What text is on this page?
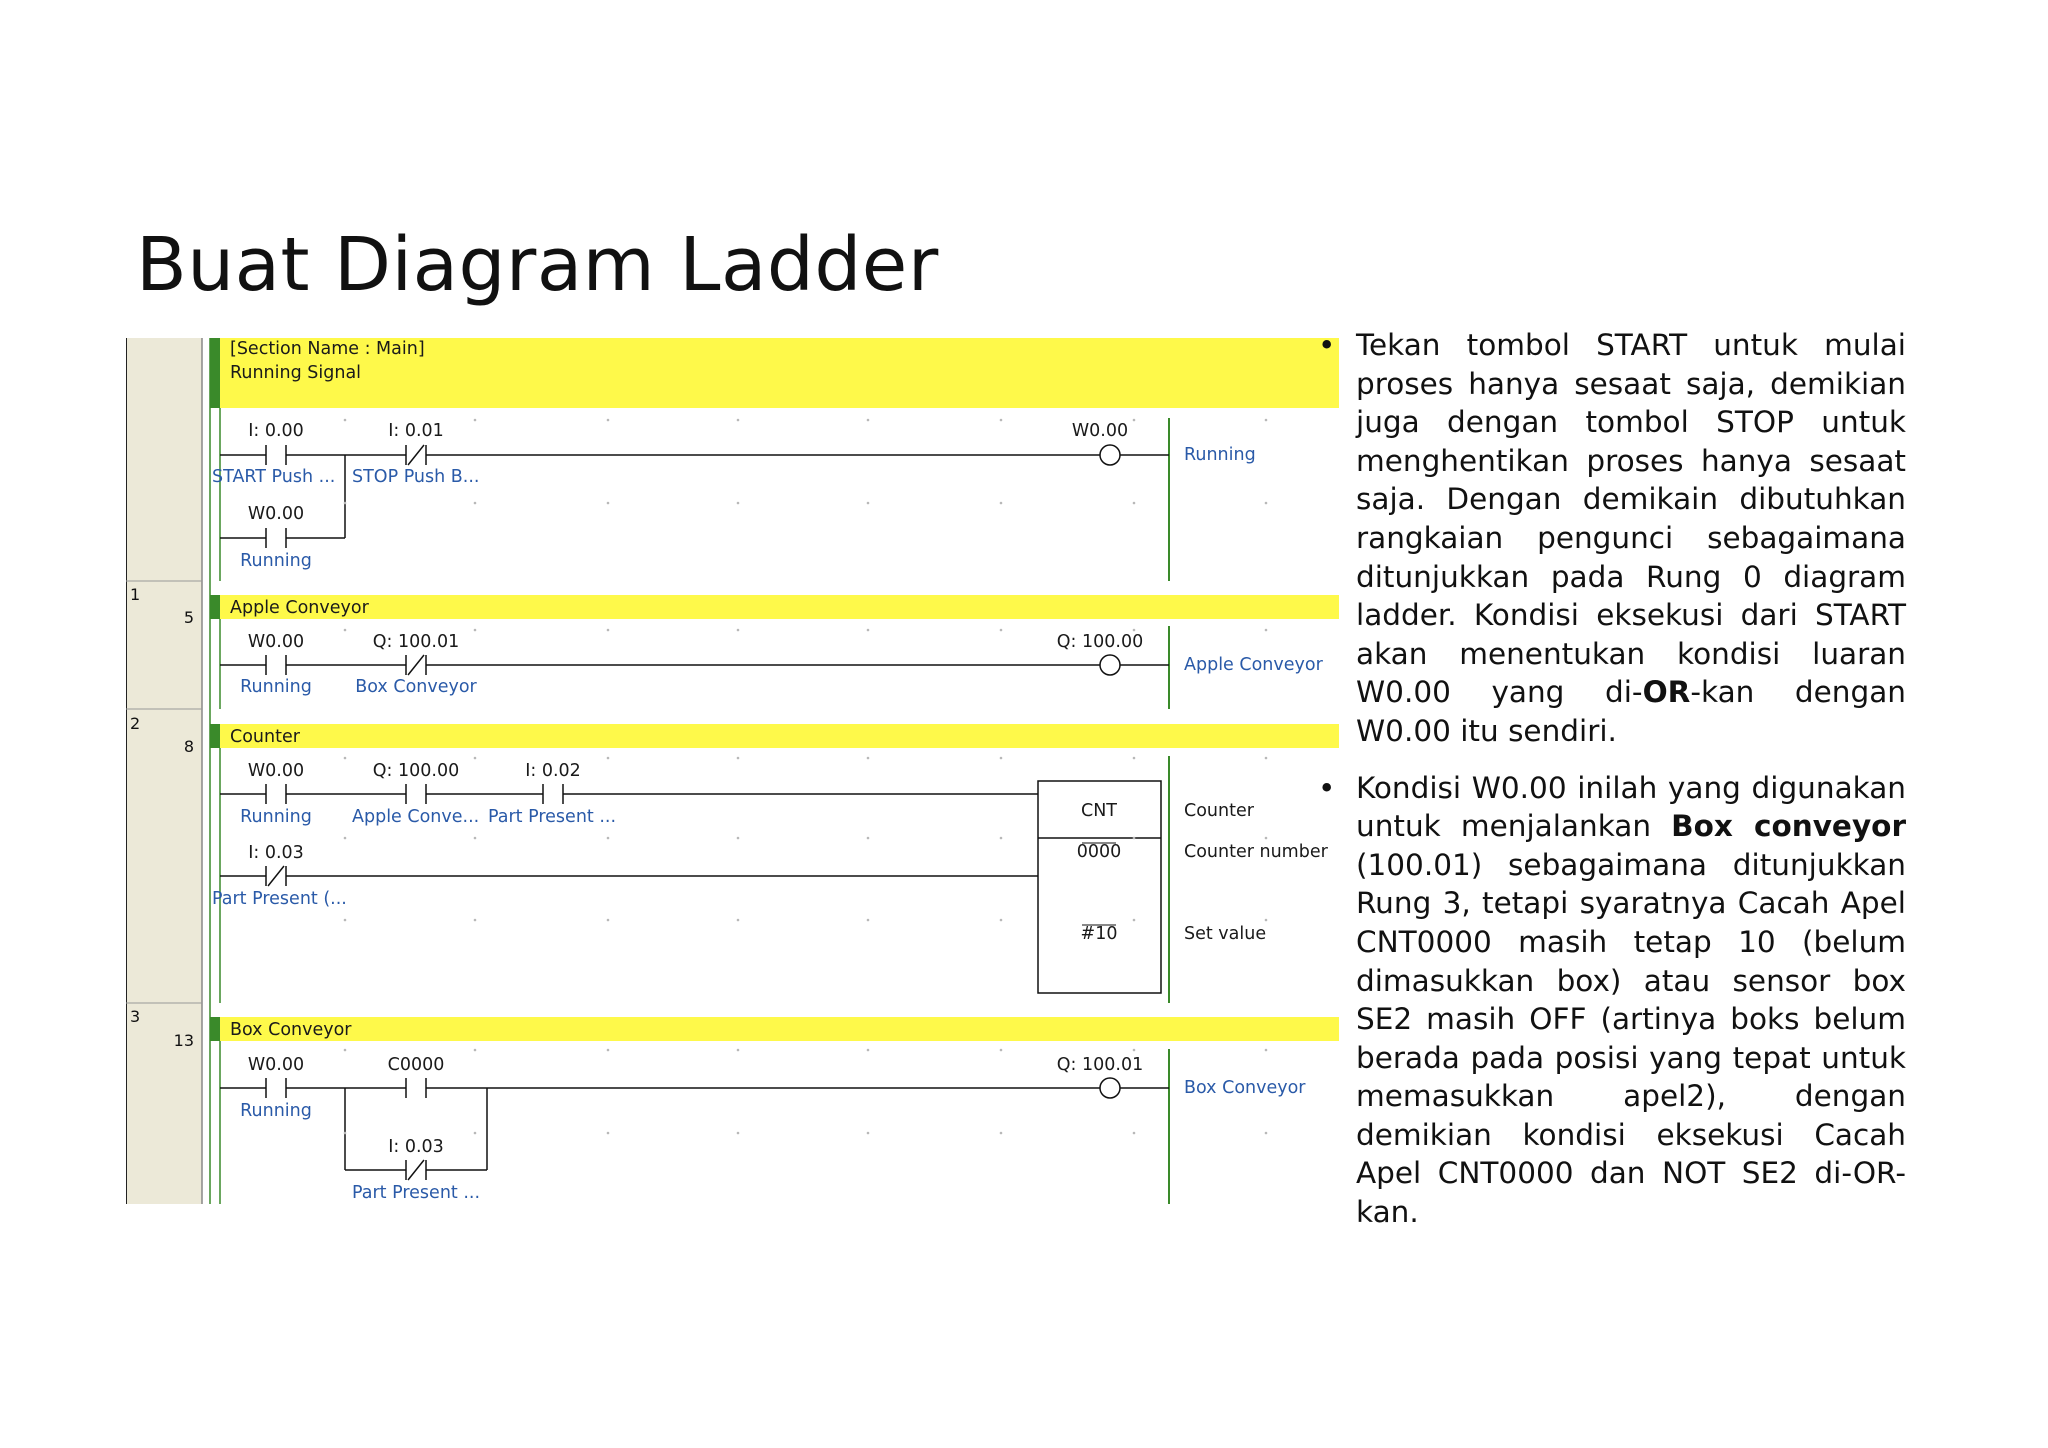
Buat Diagram Ladder
[Section Name : Main]
Running Signal
I: 0.00
START Push ...
I: 0.01
STOP Push B...
W0.00
Running
W0.00
Running
1
5 Apple Conveyor
W0.00
Running
Q: 100.01
Box Conveyor
Q: 100.00
Apple Conveyor
2
8 Counter
CNT
0000
#10
W0.00
Running
Q: 100.00
Apple Conve...
I: 0.02
Part Present ...
I: 0.03
Part Present (...
Counter
Counter number
Set value
3
13
Box Conveyor
W0.00
Running
C0000
I: 0.03
Part Present ...
Q: 100.01
Box Conveyor
• Tekan tombol START untuk mulai proses hanya sesaat saja, demikian juga dengan tombol STOP untuk menghentikan proses hanya sesaat saja. Dengan demikain dibutuhkan rangkaian pengunci sebagaimana ditunjukkan pada Rung 0 diagram ladder. Kondisi eksekusi dari START akan menentukan kondisi luaran W0.00 yang di-OR-kan dengan W0.00 itu sendiri.
• Kondisi W0.00 inilah yang digunakan untuk menjalankan Box conveyor (100.01) sebagaimana ditunjukkan Rung 3, tetapi syaratnya Cacah Apel CNT0000 masih tetap 10 (belum dimasukkan box) atau sensor box SE2 masih OFF (artinya boks belum berada pada posisi yang tepat untuk memasukkan apel2), dengan demikian kondisi eksekusi Cacah Apel CNT0000 dan NOT SE2 di-OR-kan.
